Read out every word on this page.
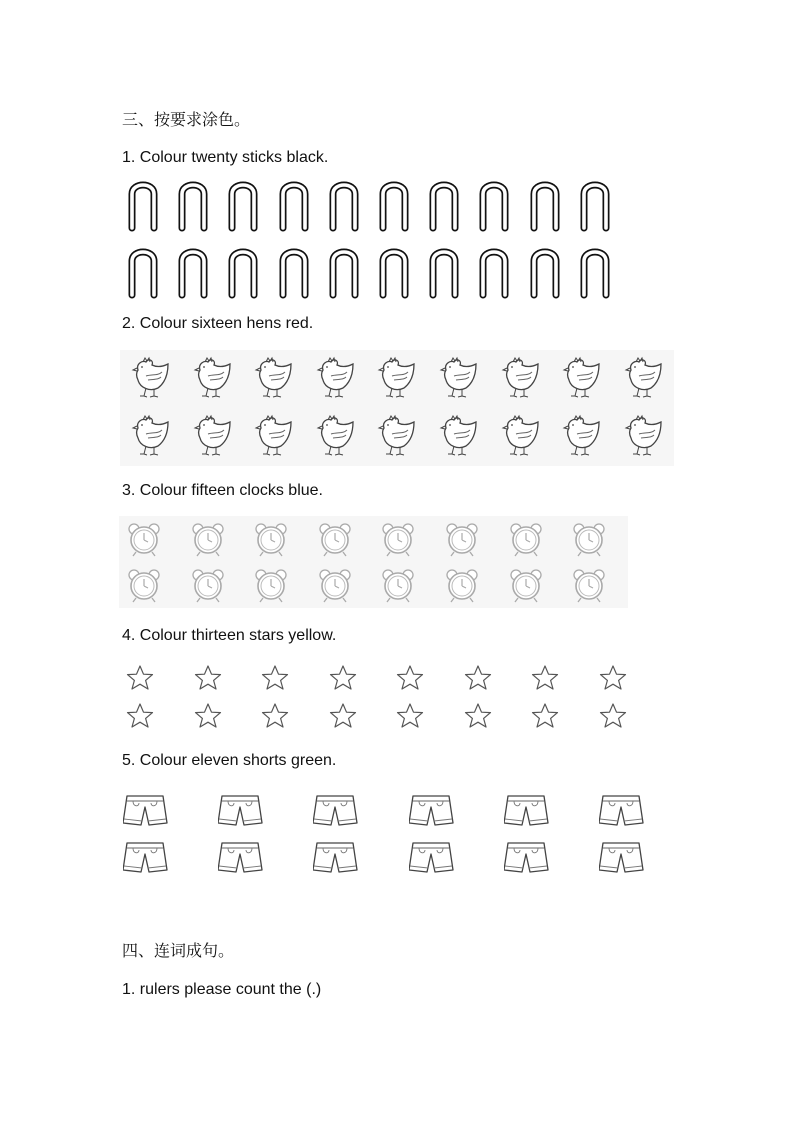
三、按要求涂色。
1. Colour twenty sticks black.
2. Colour sixteen hens red.
3. Colour fifteen clocks blue.
4. Colour thirteen stars yellow.
5. Colour eleven shorts green.
四、连词成句。
1. rulers please count the (.)
